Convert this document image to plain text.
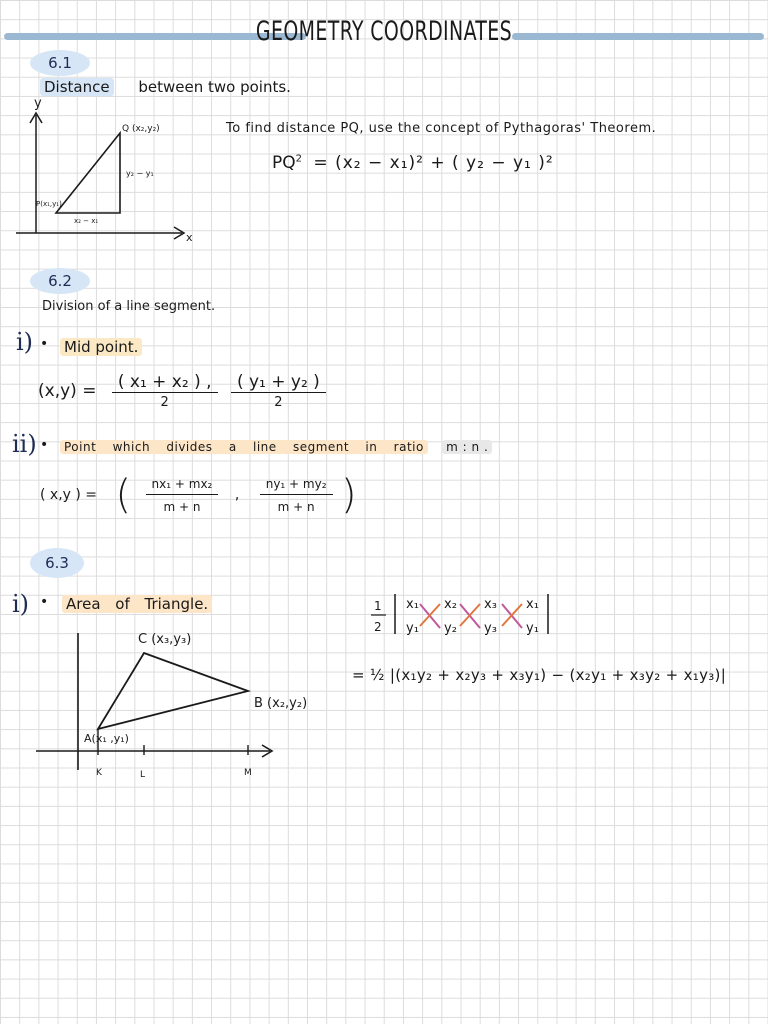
GEOMETRY COORDINATES
6.1
Distance between two points.
y
x
Q (x₂,y₂)
P(x₁,y₁)
y₂ − y₁
x₂ − x₁
To find distance PQ, use the concept of Pythagoras' Theorem.
$PQ^2 = (x_2 - x_1)^2$ + ( y₂ − y₁ )²
6.2
Division of a line segment.
i) • Mid point.
$(x,y) = \frac{\text{( x₁ + x₂ ) ,}}{2}$
$\frac{\text{( y₁ + y₂ )}}{2}$
ii) •	Point which divides a line segment in ratio m : n .
( x,y ) = ( $\frac{\text{nx₁ + mx₂}}{m + n}$ , $\frac{\text{ny₁ + my₂}}{m + n}$ )
6.3
i) • Area of Triangle.
C (x₃,y₃)
B (x₂,y₂)
A(x₁ ,y₁)
K	L	M
1
2
x₁ x₂ x₃ x₁
y₁ y₂ y₃ y₁
= ½ |(x₁y₂ + x₂y₃ + x₃y₁) − (x₂y₁ + x₃y₂ + x₁y₃)|
